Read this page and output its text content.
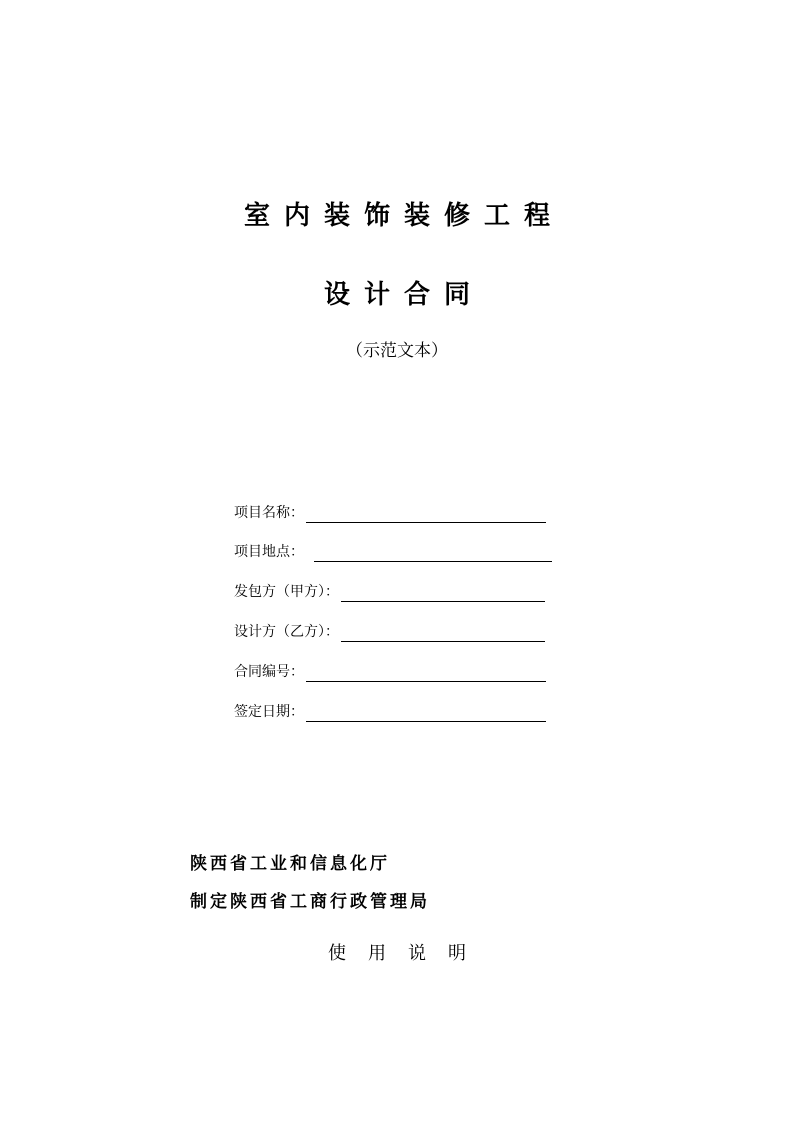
室内装饰装修工程
设计合同
（示范文本）
项目名称：
项目地点：
发包方（甲方）：
设计方（乙方）：
合同编号：
签定日期：
陕西省工业和信息化厅
制定陕西省工商行政管理局
使用说明
